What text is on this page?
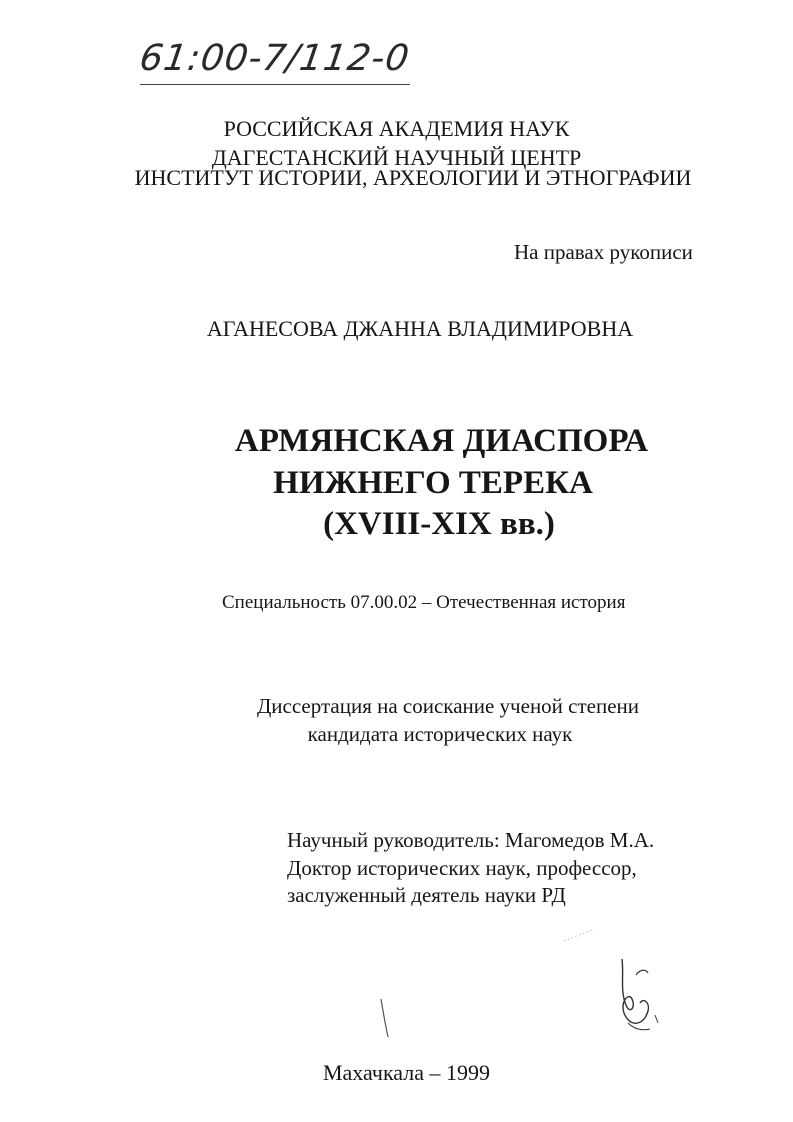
61:00-7/112-0
РОССИЙСКАЯ АКАДЕМИЯ НАУК
ДАГЕСТАНСКИЙ НАУЧНЫЙ ЦЕНТР
ИНСТИТУТ ИСТОРИИ, АРХЕОЛОГИИ И ЭТНОГРАФИИ
На правах рукописи
АГАНЕСОВА ДЖАННА ВЛАДИМИРОВНА
АРМЯНСКАЯ ДИАСПОРА
НИЖНЕГО ТЕРЕКА
(XVIII-XIX вв.)
Специальность 07.00.02 – Отечественная история
Диссертация на соискание ученой степени
кандидата исторических наук
Научный руководитель: Магомедов М.А.
Доктор исторических наук, профессор,
заслуженный деятель науки РД
Махачкала – 1999
